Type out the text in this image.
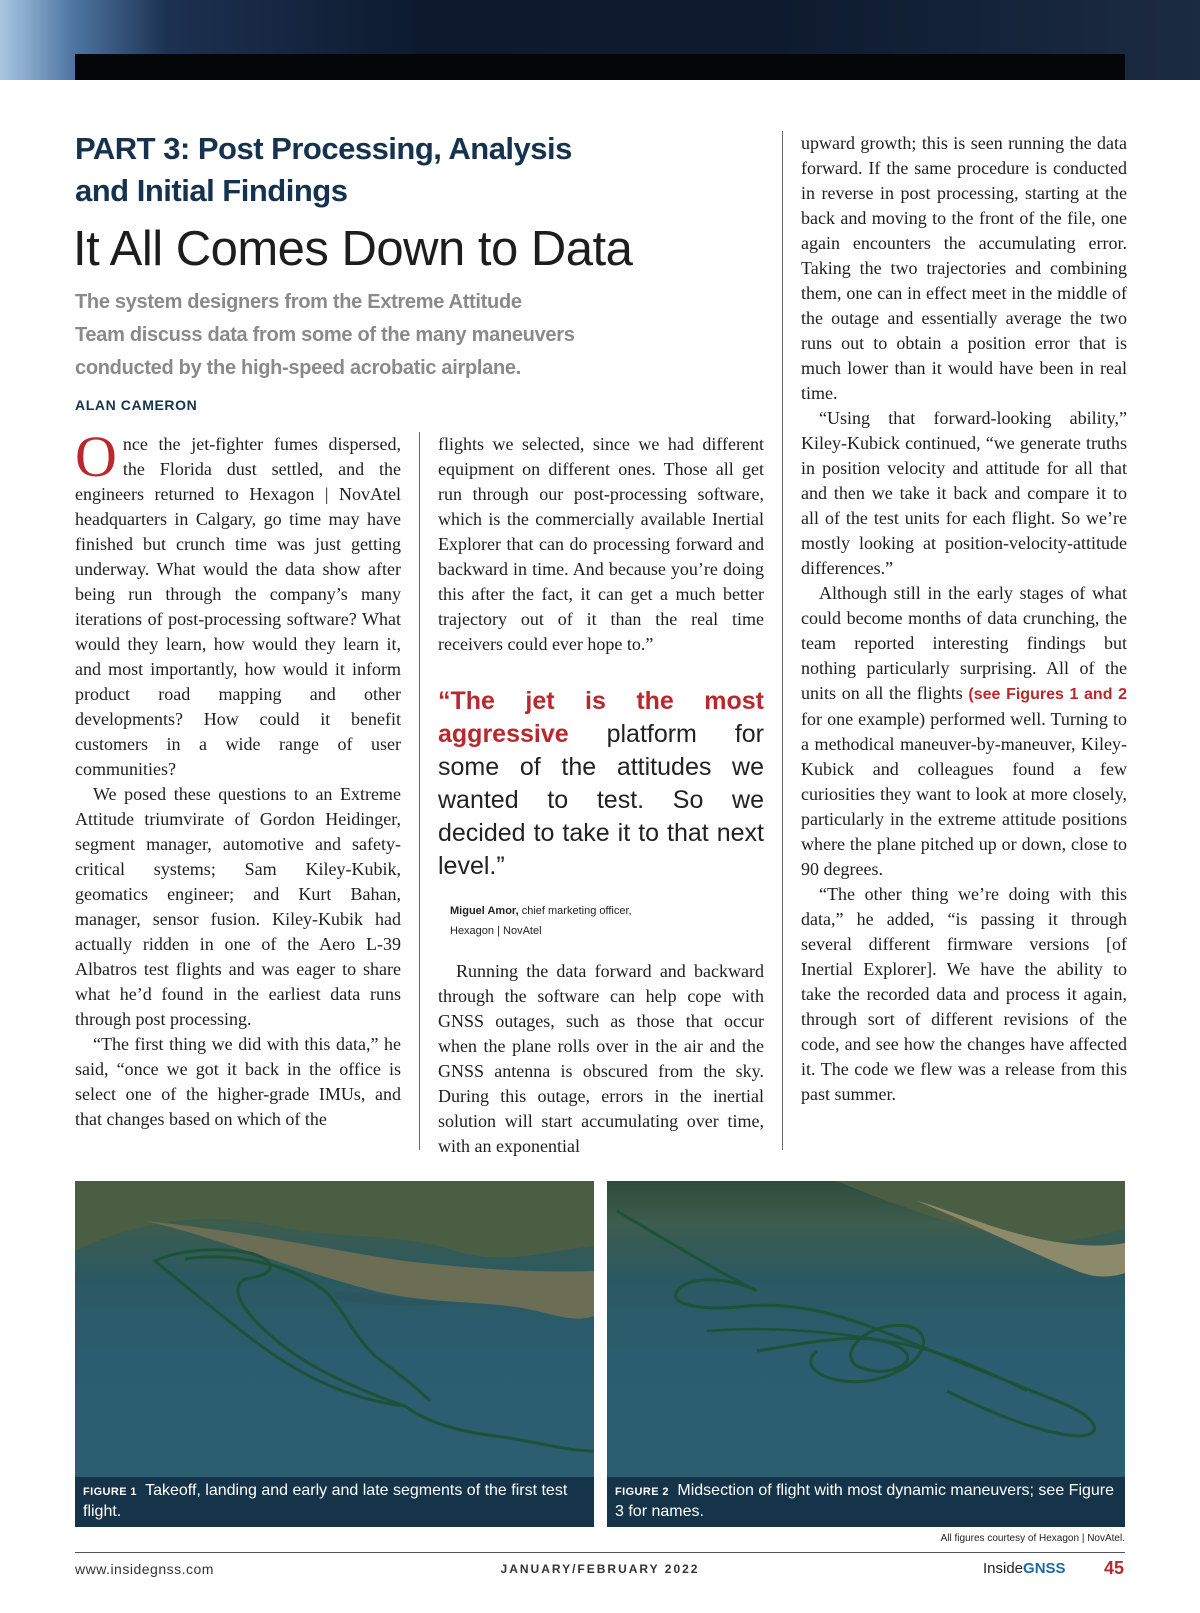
PART 3: Post Processing, Analysis and Initial Findings
It All Comes Down to Data
The system designers from the Extreme Attitude Team discuss data from some of the many maneuvers conducted by the high-speed acrobatic airplane.
ALAN CAMERON

Once the jet-fighter fumes dispersed, the Florida dust settled, and the engineers returned to Hexagon | NovAtel headquarters in Calgary, go time may have finished but crunch time was just getting underway. What would the data show after being run through the company’s many iterations of post-processing software? What would they learn, how would they learn it, and most importantly, how would it inform product road mapping and other developments? How could it benefit customers in a wide range of user communities?

We posed these questions to an Extreme Attitude triumvirate of Gordon Heidinger, segment manager, automotive and safety-critical systems; Sam Kiley-Kubik, geomatics engineer; and Kurt Bahan, manager, sensor fusion. Kiley-Kubik had actually ridden in one of the Aero L-39 Albatros test flights and was eager to share what he’d found in the earliest data runs through post processing.

“The first thing we did with this data,” he said, “once we got it back in the office is select one of the higher-grade IMUs, and that changes based on which of the

flights we selected, since we had different equipment on different ones. Those all get run through our post-processing software, which is the commercially available Inertial Explorer that can do processing forward and backward in time. And because you’re doing this after the fact, it can get a much better trajectory out of it than the real time receivers could ever hope to.”

“The jet is the most aggressive platform for some of the attitudes we wanted to test. So we decided to take it to that next level.”
Miguel Amor, chief marketing officer,
Hexagon | NovAtel

Running the data forward and backward through the software can help cope with GNSS outages, such as those that occur when the plane rolls over in the air and the GNSS antenna is obscured from the sky. During this outage, errors in the inertial solution will start accumulating over time, with an exponential

upward growth; this is seen running the data forward. If the same procedure is conducted in reverse in post processing, starting at the back and moving to the front of the file, one again encounters the accumulating error. Taking the two trajectories and combining them, one can in effect meet in the middle of the outage and essentially average the two runs out to obtain a position error that is much lower than it would have been in real time.

“Using that forward-looking ability,” Kiley-Kubick continued, “we generate truths in position velocity and attitude for all that and then we take it back and compare it to all of the test units for each flight. So we’re mostly looking at position-velocity-attitude differences.”

Although still in the early stages of what could become months of data crunching, the team reported interesting findings but nothing particularly surprising. All of the units on all the flights (see Figures 1 and 2 for one example) performed well. Turning to a methodical maneuver-by-maneuver, Kiley-Kubick and colleagues found a few curiosities they want to look at more closely, particularly in the extreme attitude positions where the plane pitched up or down, close to 90 degrees.

“The other thing we’re doing with this data,” he added, “is passing it through several different firmware versions [of Inertial Explorer]. We have the ability to take the recorded data and process it again, through sort of different revisions of the code, and see how the changes have affected it. The code we flew was a release from this past summer.

FIGURE 1 Takeoff, landing and early and late segments of the first test flight.
FIGURE 2 Midsection of flight with most dynamic maneuvers; see Figure 3 for names.
All figures courtesy of Hexagon | NovAtel.
www.insidegnss.com	JANUARY/FEBRUARY 2022	InsideGNSS 45
